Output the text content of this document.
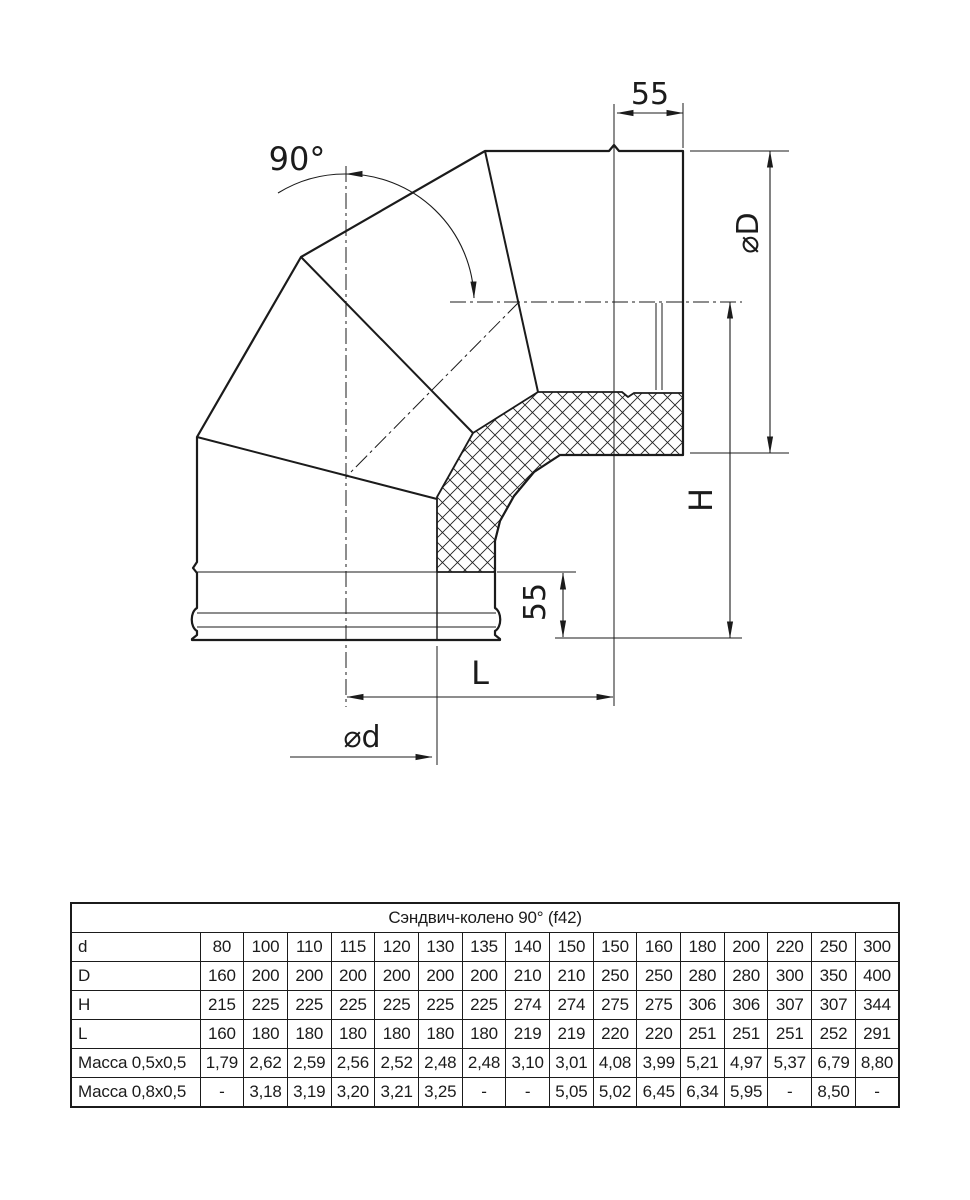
90°
55
⌀D
H
55
L
⌀d
Сэндвич-колено 90° (f42)																
d	80	100	110	115	120	130	135	140	150	150	160	180	200	220	250	300
D	160	200	200	200	200	200	200	210	210	250	250	280	280	300	350	400
H	215	225	225	225	225	225	225	274	274	275	275	306	306	307	307	344
L	160	180	180	180	180	180	180	219	219	220	220	251	251	251	252	291
Масса 0,5x0,5	1,79	2,62	2,59	2,56	2,52	2,48	2,48	3,10	3,01	4,08	3,99	5,21	4,97	5,37	6,79	8,80
Масса 0,8x0,5	-	3,18	3,19	3,20	3,21	3,25	-	-	5,05	5,02	6,45	6,34	5,95	-	8,50	-
